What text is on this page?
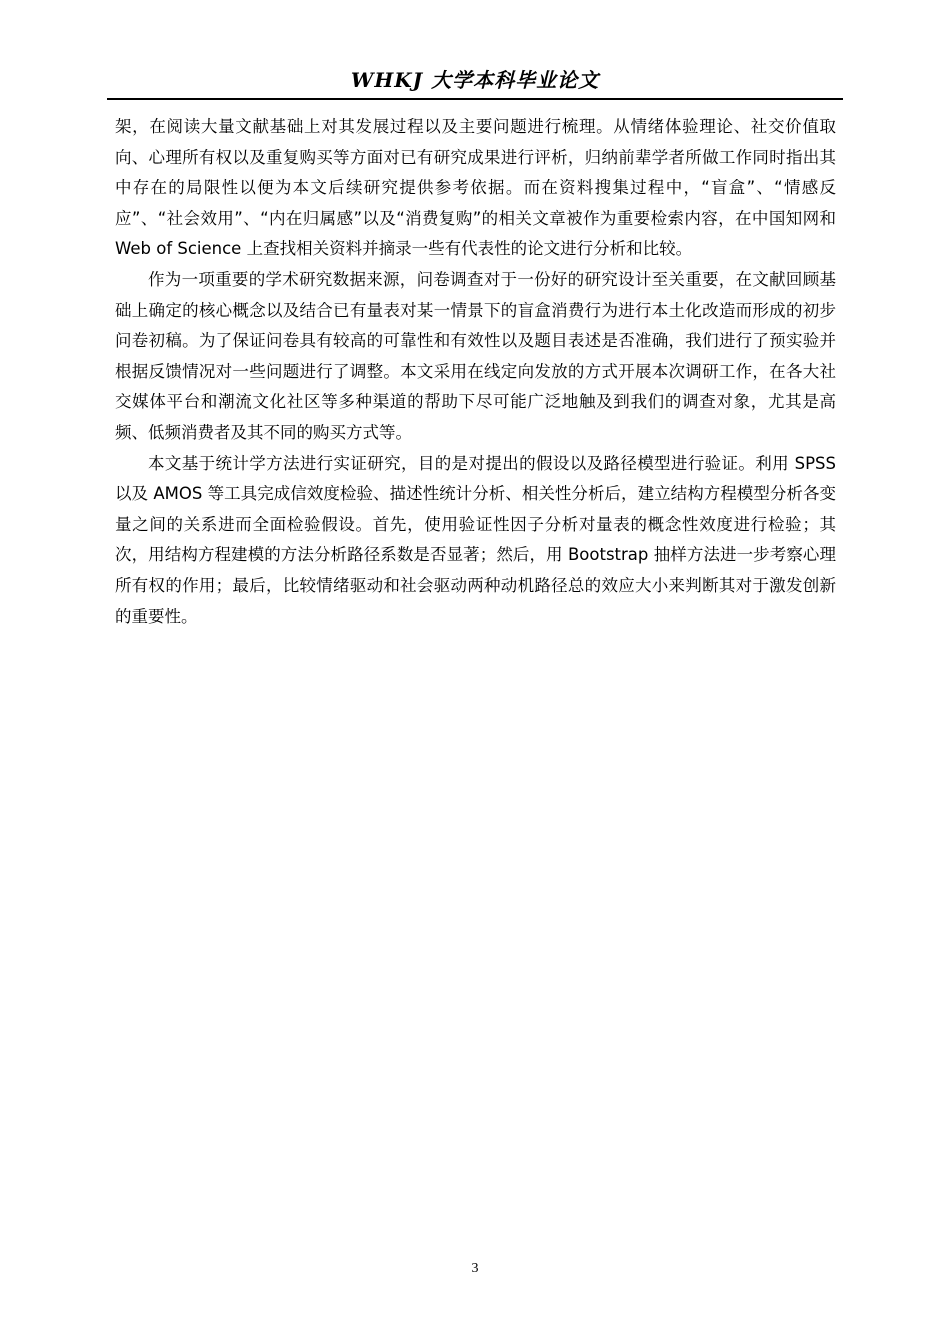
WHKJ 大学本科毕业论文

架，在阅读大量文献基础上对其发展过程以及主要问题进行梳理。从情绪体验理论、社交价值取向、心理所有权以及重复购买等方面对已有研究成果进行评析，归纳前辈学者所做工作同时指出其中存在的局限性以便为本文后续研究提供参考依据。而在资料搜集过程中，“盲盒”、“情感反应”、“社会效用”、“内在归属感”以及“消费复购”的相关文章被作为重要检索内容，在中国知网和 Web of Science 上查找相关资料并摘录一些有代表性的论文进行分析和比较。

作为一项重要的学术研究数据来源，问卷调查对于一份好的研究设计至关重要，在文献回顾基础上确定的核心概念以及结合已有量表对某一情景下的盲盒消费行为进行本土化改造而形成的初步问卷初稿。为了保证问卷具有较高的可靠性和有效性以及题目表述是否准确，我们进行了预实验并根据反馈情况对一些问题进行了调整。本文采用在线定向发放的方式开展本次调研工作，在各大社交媒体平台和潮流文化社区等多种渠道的帮助下尽可能广泛地触及到我们的调查对象，尤其是高频、低频消费者及其不同的购买方式等。

本文基于统计学方法进行实证研究，目的是对提出的假设以及路径模型进行验证。利用 SPSS 以及 AMOS 等工具完成信效度检验、描述性统计分析、相关性分析后，建立结构方程模型分析各变量之间的关系进而全面检验假设。首先，使用验证性因子分析对量表的概念性效度进行检验；其次，用结构方程建模的方法分析路径系数是否显著；然后，用 Bootstrap 抽样方法进一步考察心理所有权的作用；最后，比较情绪驱动和社会驱动两种动机路径总的效应大小来判断其对于激发创新的重要性。

3
